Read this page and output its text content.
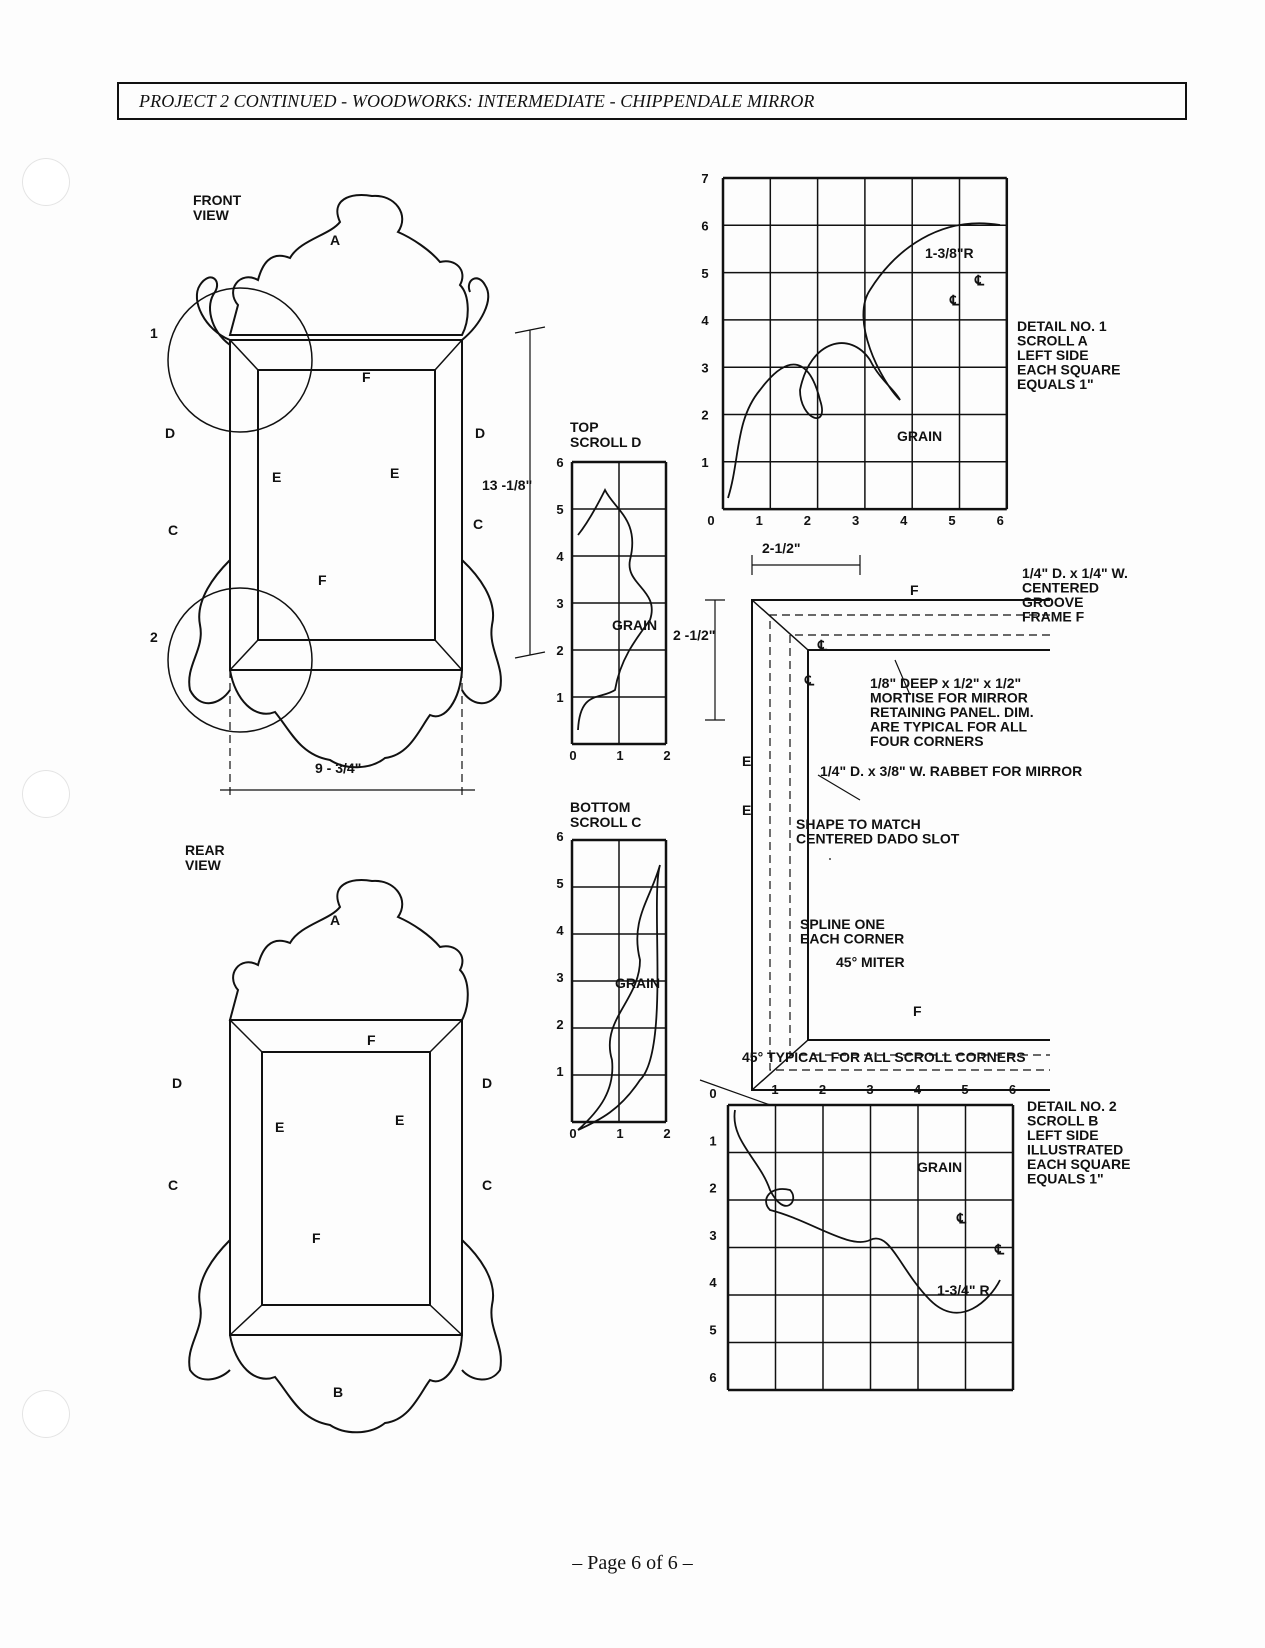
PROJECT 2 CONTINUED - WOODWORKS: INTERMEDIATE - CHIPPENDALE MIRROR
FRONT
VIEW
A
D	D
E	E
F
F
C	C
1
2
13 -1/8"
9 - 3/4"
REAR
VIEW
A
F
D	D
E	E
C	C
F
B
TOP
SCROLL D
GRAIN
2 -1/2"
1
2
3
4
5
6
0	1	2
BOTTOM
SCROLL C
GRAIN
1
2
3
4
5
6
0	1	2
DETAIL NO. 1
SCROLL A
LEFT SIDE
EACH SQUARE
EQUALS 1"
1-3/8"R
GRAIN
℄
℄
1
2
3
4
5
6
7
0	1	2	3	4	5	6
DETAIL NO. 2
SCROLL B
LEFT SIDE
ILLUSTRATED
EACH SQUARE
EQUALS 1"
1-3/4" R
GRAIN
℄
℄
0
1
2
3
4
5
6
1	2	3	4	5	6
2-1/2"
1/4" D. x 1/4" W.
CENTERED
GROOVE
FRAME F
1/8" DEEP x 1/2" x 1/2"
MORTISE FOR MIRROR
RETAINING PANEL. DIM.
ARE TYPICAL FOR ALL
FOUR CORNERS
1/4" D. x 3/8" W. RABBET FOR MIRROR
SHAPE TO MATCH
CENTERED DADO SLOT
SPLINE ONE
EACH CORNER
45° MITER
45° TYPICAL FOR ALL SCROLL CORNERS
F
F
E
E
℄
℄
– Page 6 of 6 –
